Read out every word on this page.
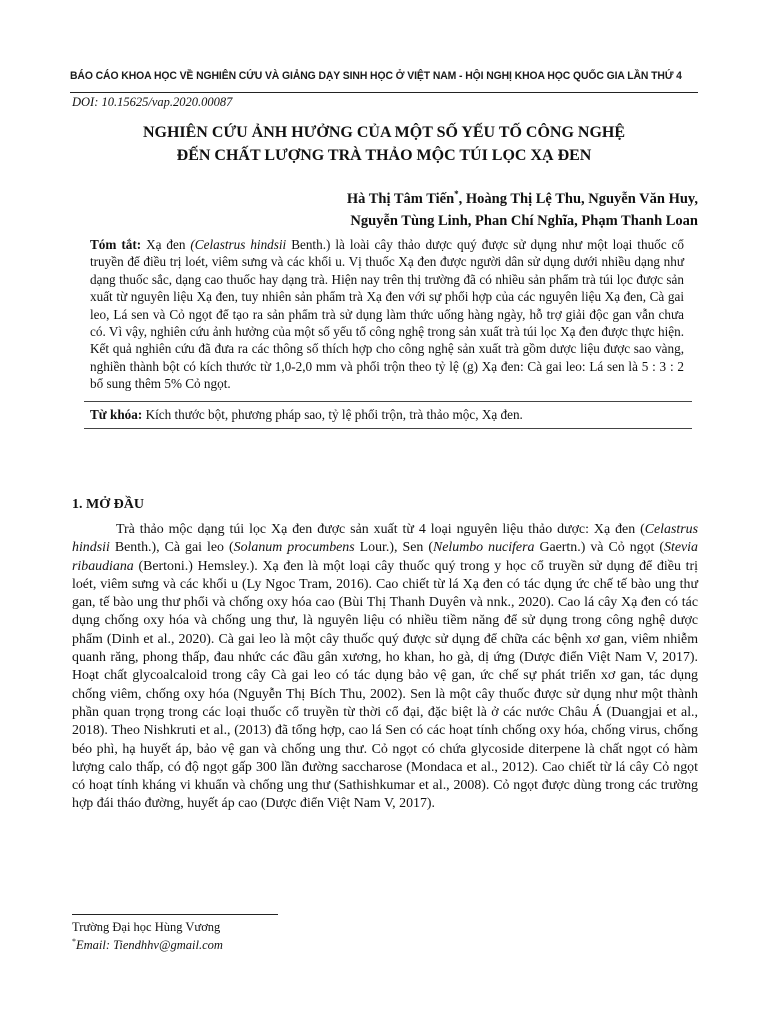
BÁO CÁO KHOA HỌC VỀ NGHIÊN CỨU VÀ GIẢNG DẠY SINH HỌC Ở VIỆT NAM - HỘI NGHỊ KHOA HỌC QUỐC GIA LẦN THỨ 4
DOI: 10.15625/vap.2020.00087
NGHIÊN CỨU ẢNH HƯỞNG CỦA MỘT SỐ YẾU TỐ CÔNG NGHỆ
ĐẾN CHẤT LƯỢNG TRÀ THẢO MỘC TÚI LỌC XẠ ĐEN
Hà Thị Tâm Tiến*, Hoàng Thị Lệ Thu, Nguyễn Văn Huy,
Nguyễn Tùng Linh, Phan Chí Nghĩa, Phạm Thanh Loan
Tóm tắt: Xạ đen (Celastrus hindsii Benth.) là loài cây thảo dược quý được sử dụng như một loại thuốc cổ truyền để điều trị loét, viêm sưng và các khối u. Vị thuốc Xạ đen được người dân sử dụng dưới nhiều dạng như dạng thuốc sắc, dạng cao thuốc hay dạng trà. Hiện nay trên thị trường đã có nhiều sản phẩm trà túi lọc được sản xuất từ nguyên liệu Xạ đen, tuy nhiên sản phẩm trà Xạ đen với sự phối hợp của các nguyên liệu Xạ đen, Cà gai leo, Lá sen và Cỏ ngọt để tạo ra sản phẩm trà sử dụng làm thức uống hàng ngày, hỗ trợ giải độc gan vẫn chưa có. Vì vậy, nghiên cứu ảnh hưởng của một số yếu tố công nghệ trong sản xuất trà túi lọc Xạ đen được thực hiện. Kết quả nghiên cứu đã đưa ra các thông số thích hợp cho công nghệ sản xuất trà gồm dược liệu được sao vàng, nghiền thành bột có kích thước từ 1,0-2,0 mm và phối trộn theo tỷ lệ (g) Xạ đen: Cà gai leo: Lá sen là 5 : 3 : 2 bổ sung thêm 5% Cỏ ngọt.
Từ khóa: Kích thước bột, phương pháp sao, tỷ lệ phối trộn, trà thảo mộc, Xạ đen.
1. MỞ ĐẦU
Trà thảo mộc dạng túi lọc Xạ đen được sản xuất từ 4 loại nguyên liệu thảo dược: Xạ đen (Celastrus hindsii Benth.), Cà gai leo (Solanum procumbens Lour.), Sen (Nelumbo nucifera Gaertn.) và Cỏ ngọt (Stevia ribaudiana (Bertoni.) Hemsley.). Xạ đen là một loại cây thuốc quý trong y học cổ truyền sử dụng để điều trị loét, viêm sưng và các khối u (Ly Ngoc Tram, 2016). Cao chiết từ lá Xạ đen có tác dụng ức chế tế bào ung thư gan, tế bào ung thư phổi và chống oxy hóa cao (Bùi Thị Thanh Duyên và nnk., 2020). Cao lá cây Xạ đen có tác dụng chống oxy hóa và chống ung thư, là nguyên liệu có nhiều tiềm năng để sử dụng trong công nghệ dược phẩm (Dinh et al., 2020). Cà gai leo là một cây thuốc quý được sử dụng để chữa các bệnh xơ gan, viêm nhiễm quanh răng, phong thấp, đau nhức các đầu gân xương, ho khan, ho gà, dị ứng (Dược điển Việt Nam V, 2017). Hoạt chất glycoalcaloid trong cây Cà gai leo có tác dụng bảo vệ gan, ức chế sự phát triển xơ gan, tác dụng chống viêm, chống oxy hóa (Nguyễn Thị Bích Thu, 2002). Sen là một cây thuốc được sử dụng như một thành phần quan trọng trong các loại thuốc cổ truyền từ thời cổ đại, đặc biệt là ở các nước Châu Á (Duangjai et al., 2018). Theo Nishkruti et al., (2013) đã tổng hợp, cao lá Sen có các hoạt tính chống oxy hóa, chống virus, chống béo phì, hạ huyết áp, bảo vệ gan và chống ung thư. Cỏ ngọt có chứa glycoside diterpene là chất ngọt có hàm lượng calo thấp, có độ ngọt gấp 300 lần đường saccharose (Mondaca et al., 2012). Cao chiết từ lá cây Cỏ ngọt có hoạt tính kháng vi khuẩn và chống ung thư (Sathishkumar et al., 2008). Cỏ ngọt được dùng trong các trường hợp đái tháo đường, huyết áp cao (Dược điển Việt Nam V, 2017).
Trường Đại học Hùng Vương
*Email: Tiendhhv@gmail.com
